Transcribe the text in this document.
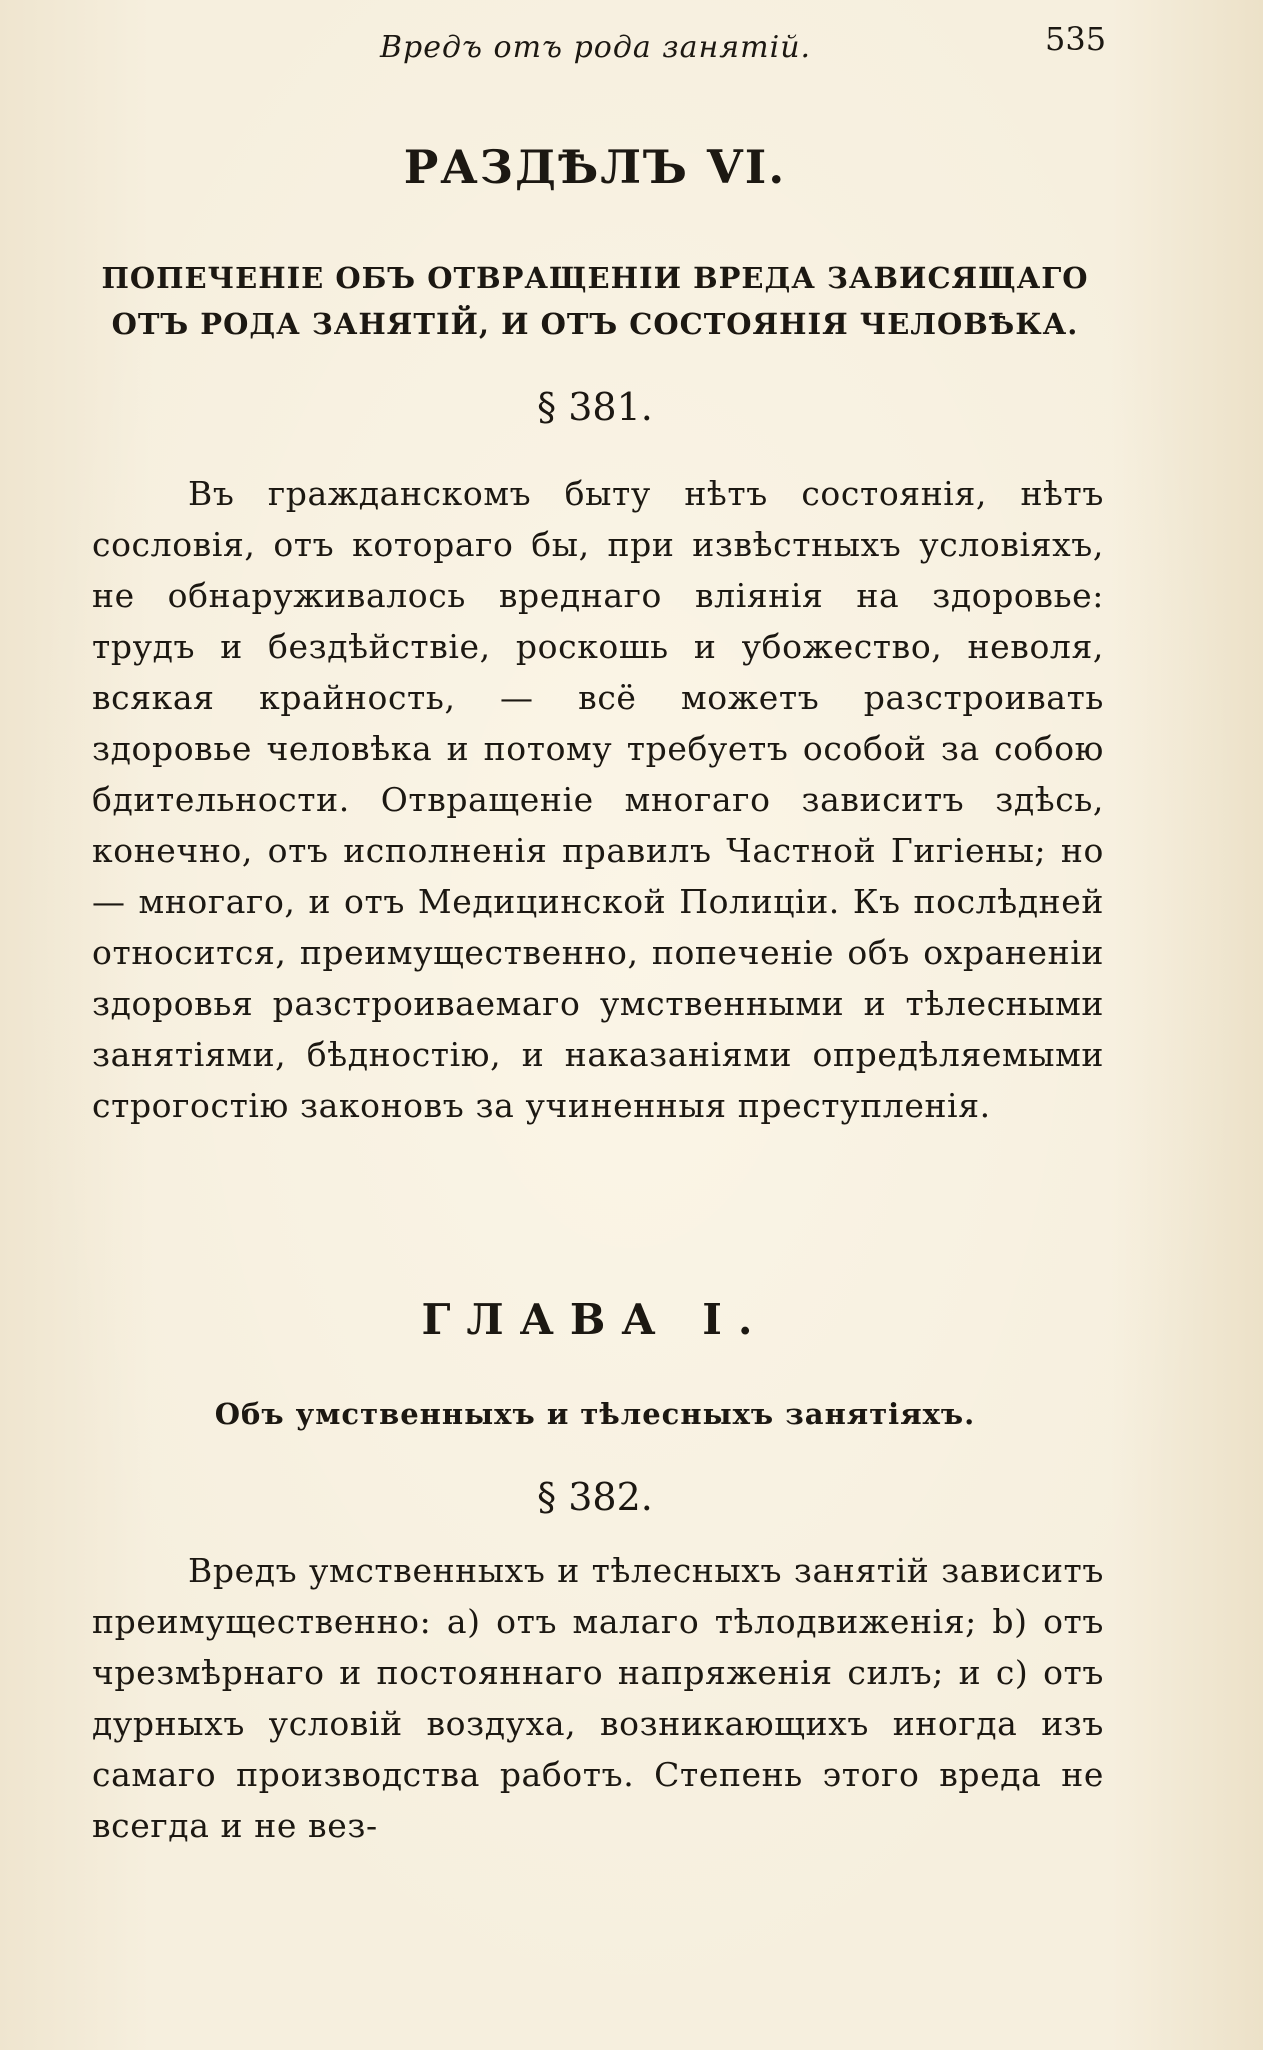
Вредъ отъ рода занятій.	535
РАЗДѢЛЪ VI.
ПОПЕЧЕНІЕ ОБЪ ОТВРАЩЕНІИ ВРЕДА ЗАВИСЯЩАГО
ОТЪ РОДА ЗАНЯТІЙ, И ОТЪ СОСТОЯНІЯ ЧЕЛОВѢКА.
§ 381.

Въ гражданскомъ быту нѣтъ состоянія, нѣтъ сословія, отъ котораго бы, при извѣстныхъ условіяхъ, не обнаруживалось вреднаго вліянія на здоровье: трудъ и бездѣйствіе, роскошь и убожество, неволя, всякая крайность, — всё можетъ разстроивать здоровье человѣка и потому требуетъ особой за собою бдительности. Отвращеніе многаго зависитъ здѣсь, конечно, отъ исполненія правилъ Частной Гигіены; но — многаго, и отъ Медицинской Полиціи. Къ послѣдней относится, преимущественно, попеченіе объ охраненіи здоровья разстроиваемаго умственными и тѣлесными занятіями, бѣдностію, и наказаніями опредѣляемыми строгостію законовъ за учиненныя преступленія.

ГЛАВА I.
Объ умственныхъ и тѣлесныхъ занятіяхъ.
§ 382.

Вредъ умственныхъ и тѣлесныхъ занятій зависитъ преимущественно: a) отъ малаго тѣлодвиженія; b) отъ чрезмѣрнаго и постояннаго напряженія силъ; и c) отъ дурныхъ условій воздуха, возникающихъ иногда изъ самаго производства работъ. Степень этого вреда не всегда и не вез-
